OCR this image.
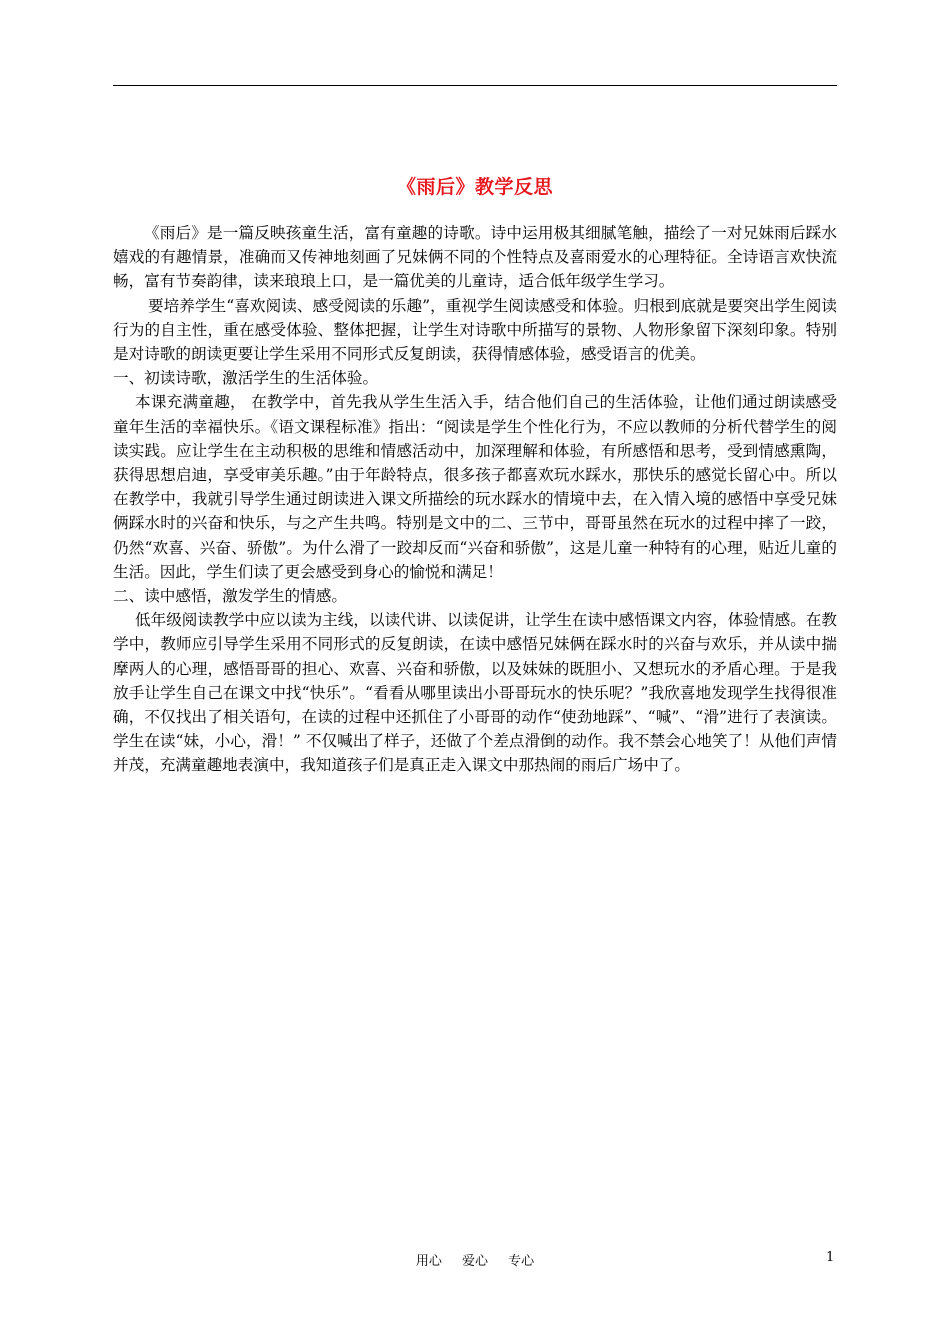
《雨后》教学反思

《雨后》是一篇反映孩童生活，富有童趣的诗歌。诗中运用极其细腻笔触，描绘了一对兄妹雨后踩水嬉戏的有趣情景，准确而又传神地刻画了兄妹俩不同的个性特点及喜雨爱水的心理特征。全诗语言欢快流畅，富有节奏韵律，读来琅琅上口，是一篇优美的儿童诗，适合低年级学生学习。

要培养学生“喜欢阅读、感受阅读的乐趣”，重视学生阅读感受和体验。归根到底就是要突出学生阅读行为的自主性，重在感受体验、整体把握，让学生对诗歌中所描写的景物、人物形象留下深刻印象。特别是对诗歌的朗读更要让学生采用不同形式反复朗读，获得情感体验，感受语言的优美。

一、初读诗歌，激活学生的生活体验。

本课充满童趣， 在教学中，首先我从学生生活入手，结合他们自己的生活体验，让他们通过朗读感受童年生活的幸福快乐。《语文课程标准》指出：“阅读是学生个性化行为，不应以教师的分析代替学生的阅读实践。应让学生在主动积极的思维和情感活动中，加深理解和体验，有所感悟和思考，受到情感熏陶，获得思想启迪，享受审美乐趣。”由于年龄特点，很多孩子都喜欢玩水踩水，那快乐的感觉长留心中。所以在教学中，我就引导学生通过朗读进入课文所描绘的玩水踩水的情境中去，在入情入境的感悟中享受兄妹俩踩水时的兴奋和快乐，与之产生共鸣。特别是文中的二、三节中，哥哥虽然在玩水的过程中摔了一跤，仍然“欢喜、兴奋、骄傲”。为什么滑了一跤却反而“兴奋和骄傲”，这是儿童一种特有的心理，贴近儿童的生活。因此，学生们读了更会感受到身心的愉悦和满足！

二、读中感悟，激发学生的情感。

低年级阅读教学中应以读为主线，以读代讲、以读促讲，让学生在读中感悟课文内容，体验情感。在教学中，教师应引导学生采用不同形式的反复朗读，在读中感悟兄妹俩在踩水时的兴奋与欢乐，并从读中揣摩两人的心理，感悟哥哥的担心、欢喜、兴奋和骄傲，以及妹妹的既胆小、又想玩水的矛盾心理。于是我放手让学生自己在课文中找“快乐”。“看看从哪里读出小哥哥玩水的快乐呢？”我欣喜地发现学生找得很准确，不仅找出了相关语句，在读的过程中还抓住了小哥哥的动作“使劲地踩”、“喊”、“滑”进行了表演读。学生在读“妹，小心，滑！” 不仅喊出了样子，还做了个差点滑倒的动作。我不禁会心地笑了！从他们声情并茂，充满童趣地表演中，我知道孩子们是真正走入课文中那热闹的雨后广场中了。

用心 爱心 专心	1
